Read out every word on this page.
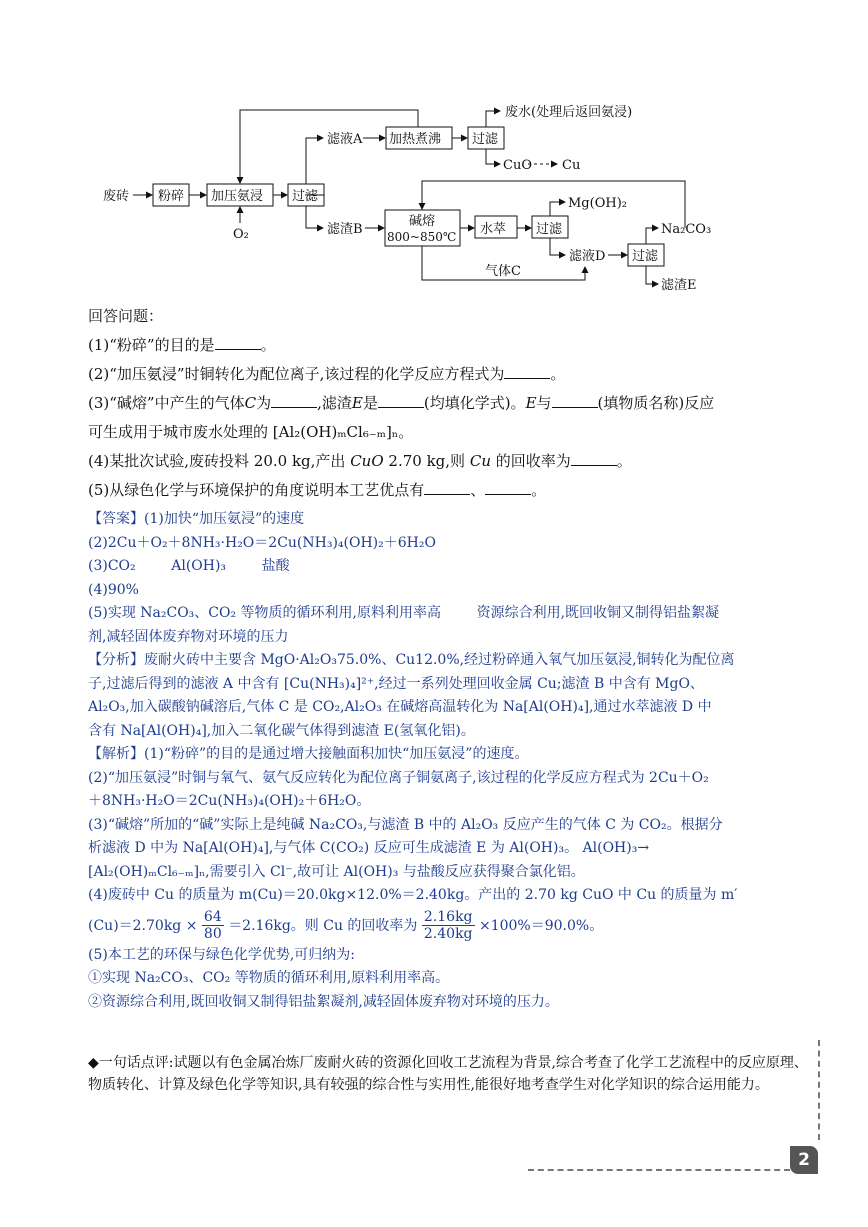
废砖 粉碎 加压氨浸 过滤
O₂
滤液A 加热煮沸 过滤
废水(处理后返回氨浸)
CuO Cu
滤渣B
碱熔
800~850℃ 水萃 过滤
Mg(OH)₂
滤液D 过滤
Na₂CO₃
气体C
滤渣E

回答问题：

(1)“粉碎”的目的是	。

(2)“加压氨浸”时铜转化为配位离子,该过程的化学反应方程式为	。

(3)“碱熔”中产生的气体C为	,滤渣E是	(均填化学式)。E与	(填物质名称)反应

可生成用于城市废水处理的 [Al₂(OH)ₘCl₆₋ₘ]ₙ。

(4)某批次试验,废砖投料 20.0 kg,产出 CuO 2.70 kg,则 Cu 的回收率为	。

(5)从绿色化学与环境保护的角度说明本工艺优点有	、	。

【答案】(1)加快“加压氨浸”的速度

(2)2Cu＋O₂＋8NH₃·H₂O＝2Cu(NH₃)₄(OH)₂＋6H₂O

(3)CO₂        Al(OH)₃        盐酸

(4)90%

(5)实现 Na₂CO₃、CO₂ 等物质的循环利用,原料利用率高        资源综合利用,既回收铜又制得铝盐絮凝

剂,减轻固体废弃物对环境的压力

【分析】废耐火砖中主要含 MgO·Al₂O₃75.0%、Cu12.0%,经过粉碎通入氧气加压氨浸,铜转化为配位离

子,过滤后得到的滤液 A 中含有 [Cu(NH₃)₄]²⁺,经过一系列处理回收金属 Cu;滤渣 B 中含有 MgO、

Al₂O₃,加入碳酸钠碱溶后,气体 C 是 CO₂,Al₂O₃ 在碱熔高温转化为 Na[Al(OH)₄],通过水萃滤液 D 中

含有 Na[Al(OH)₄],加入二氧化碳气体得到滤渣 E(氢氧化铝)。

【解析】(1)“粉碎”的目的是通过增大接触面积加快“加压氨浸”的速度。

(2)“加压氨浸”时铜与氧气、氨气反应转化为配位离子铜氨离子,该过程的化学反应方程式为 2Cu＋O₂

＋8NH₃·H₂O＝2Cu(NH₃)₄(OH)₂＋6H₂O。

(3)“碱熔”所加的“碱”实际上是纯碱 Na₂CO₃,与滤渣 B 中的 Al₂O₃ 反应产生的气体 C 为 CO₂。根据分

析滤液 D 中为 Na[Al(OH)₄],与气体 C(CO₂) 反应可生成滤渣 E 为 Al(OH)₃。 Al(OH)₃→

[Al₂(OH)ₘCl₆₋ₘ]ₙ,需要引入 Cl⁻,故可让 Al(OH)₃ 与盐酸反应获得聚合氯化铝。

(4)废砖中 Cu 的质量为 m(Cu)＝20.0kg×12.0%＝2.40kg。产出的 2.70 kg CuO 中 Cu 的质量为 m′

$(Cu)=2.70kg \times \frac{64}{80} =2.16kg$。则 Cu 的回收率为 $\frac{2.16kg}{2.40kg} \times 100\%=90.0\%$。

(5)本工艺的环保与绿色化学优势,可归纳为:

①实现 Na₂CO₃、CO₂ 等物质的循环利用,原料利用率高。

②资源综合利用,既回收铜又制得铝盐絮凝剂,减轻固体废弃物对环境的压力。

◆一句话点评:试题以有色金属冶炼厂废耐火砖的资源化回收工艺流程为背景,综合考查了化学工艺流程中的反应原理、物质转化、计算及绿色化学等知识,具有较强的综合性与实用性,能很好地考查学生对化学知识的综合运用能力。

2
